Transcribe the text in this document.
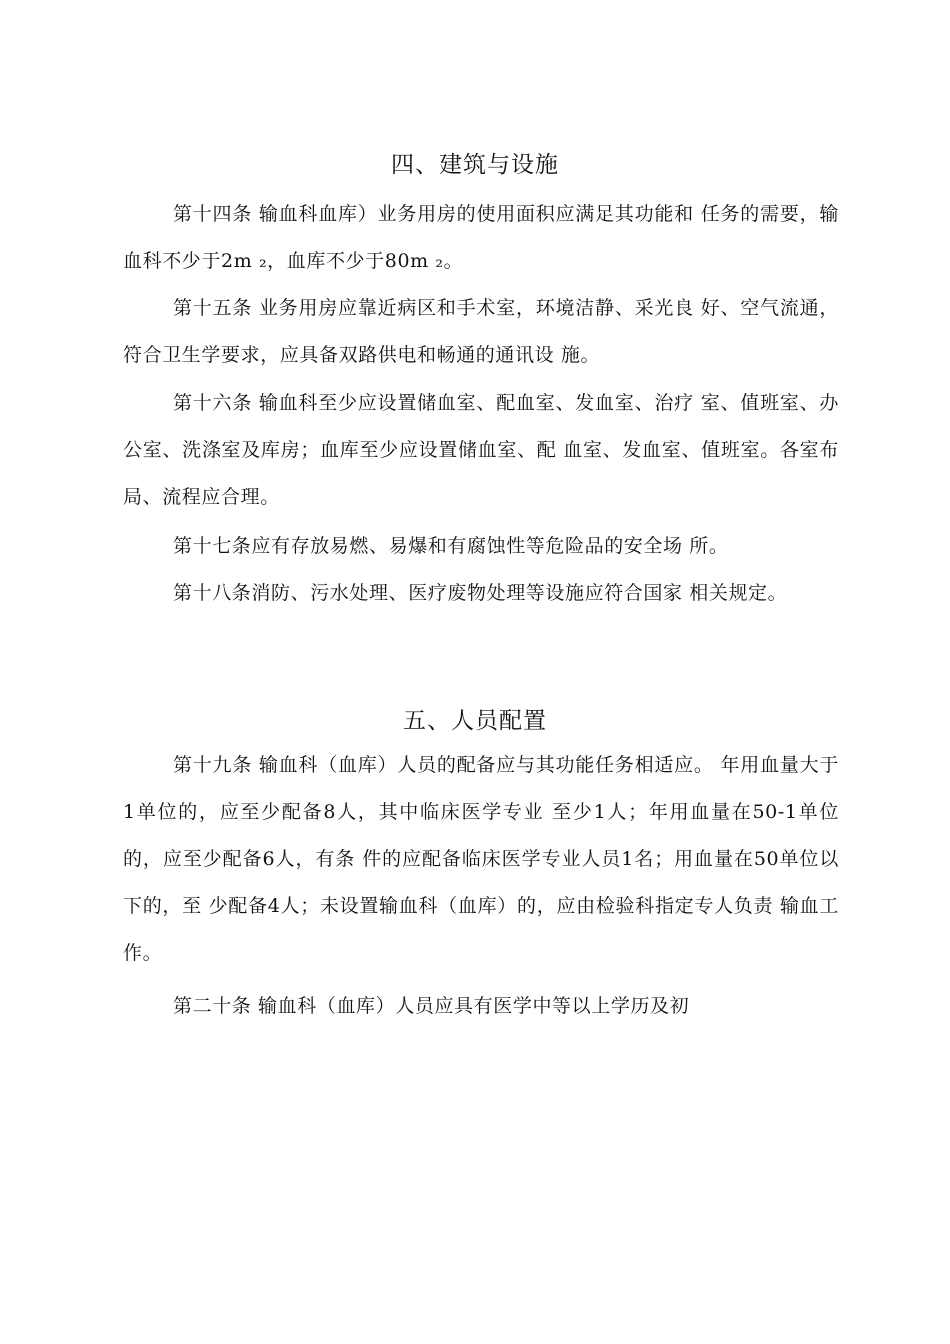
四、建筑与设施

第十四条 输血科血库）业务用房的使用面积应满足其功能和 任务的需要，输血科不少于2m ₂，血库不少于80m ₂。

第十五条 业务用房应靠近病区和手术室，环境洁静、采光良 好、空气流通，符合卫生学要求，应具备双路供电和畅通的通讯设 施。

第十六条 输血科至少应设置储血室、配血室、发血室、治疗 室、值班室、办公室、洗涤室及库房；血库至少应设置储血室、配 血室、发血室、值班室。各室布局、流程应合理。

第十七条应有存放易燃、易爆和有腐蚀性等危险品的安全场 所。

第十八条消防、污水处理、医疗废物处理等设施应符合国家 相关规定。

五、人员配置

第十九条 输血科（血库）人员的配备应与其功能任务相适应。 年用血量大于1单位的，应至少配备8人，其中临床医学专业 至少1人；年用血量在50-1单位的，应至少配备6人，有条 件的应配备临床医学专业人员1名；用血量在50单位以下的，至 少配备4人；未设置输血科（血库）的，应由检验科指定专人负责 输血工作。

第二十条 输血科（血库）人员应具有医学中等以上学历及初
